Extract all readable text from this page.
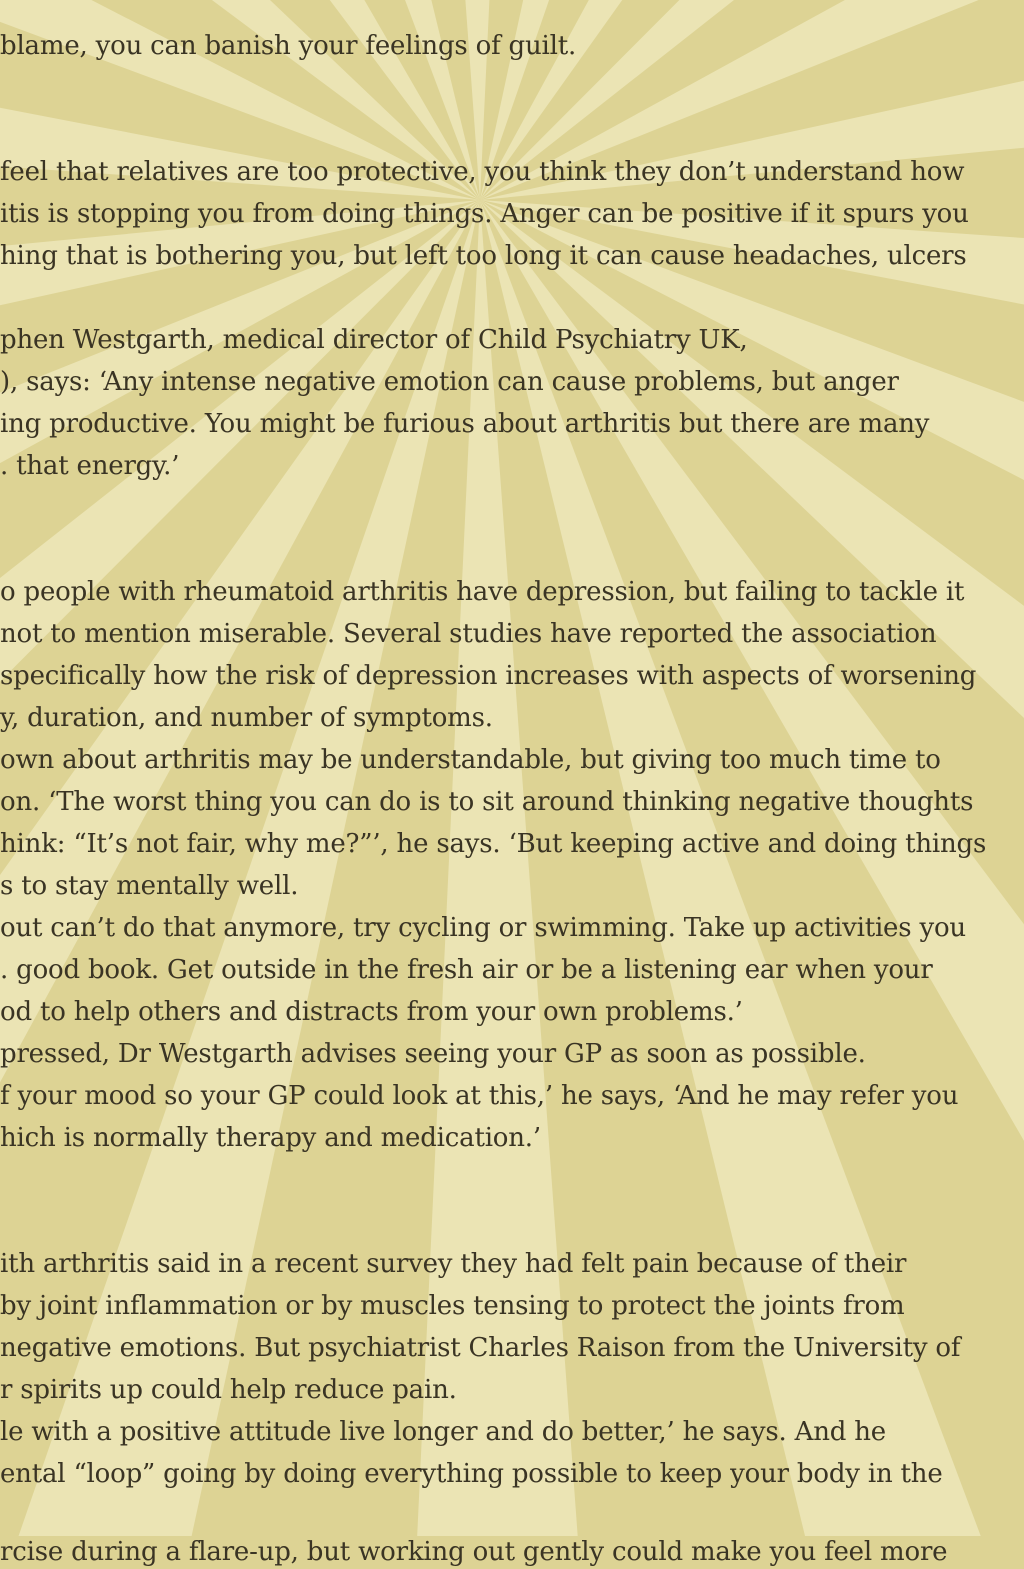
blame, you can banish your feelings of guilt.

feel that relatives are too protective, you think they don’t understand how

itis is stopping you from doing things. Anger can be positive if it spurs you

hing that is bothering you, but left too long it can cause headaches, ulcers

phen Westgarth, medical director of Child Psychiatry UK,

), says: ‘Any intense negative emotion can cause problems, but anger

ing productive. You might be furious about arthritis but there are many

. that energy.’

o people with rheumatoid arthritis have depression, but failing to tackle it

not to mention miserable. Several studies have reported the association

specifically how the risk of depression increases with aspects of worsening

y, duration, and number of symptoms.

own about arthritis may be understandable, but giving too much time to

on. ‘The worst thing you can do is to sit around thinking negative thoughts

hink: “It’s not fair, why me?”’, he says. ‘But keeping active and doing things

s to stay mentally well.

out can’t do that anymore, try cycling or swimming. Take up activities you

. good book. Get outside in the fresh air or be a listening ear when your

od to help others and distracts from your own problems.’

pressed, Dr Westgarth advises seeing your GP as soon as possible.

f your mood so your GP could look at this,’ he says, ‘And he may refer you

hich is normally therapy and medication.’

ith arthritis said in a recent survey they had felt pain because of their

by joint inflammation or by muscles tensing to protect the joints from

negative emotions. But psychiatrist Charles Raison from the University of

r spirits up could help reduce pain.

le with a positive attitude live longer and do better,’ he says. And he

ental “loop” going by doing everything possible to keep your body in the

rcise during a flare-up, but working out gently could make you feel more
